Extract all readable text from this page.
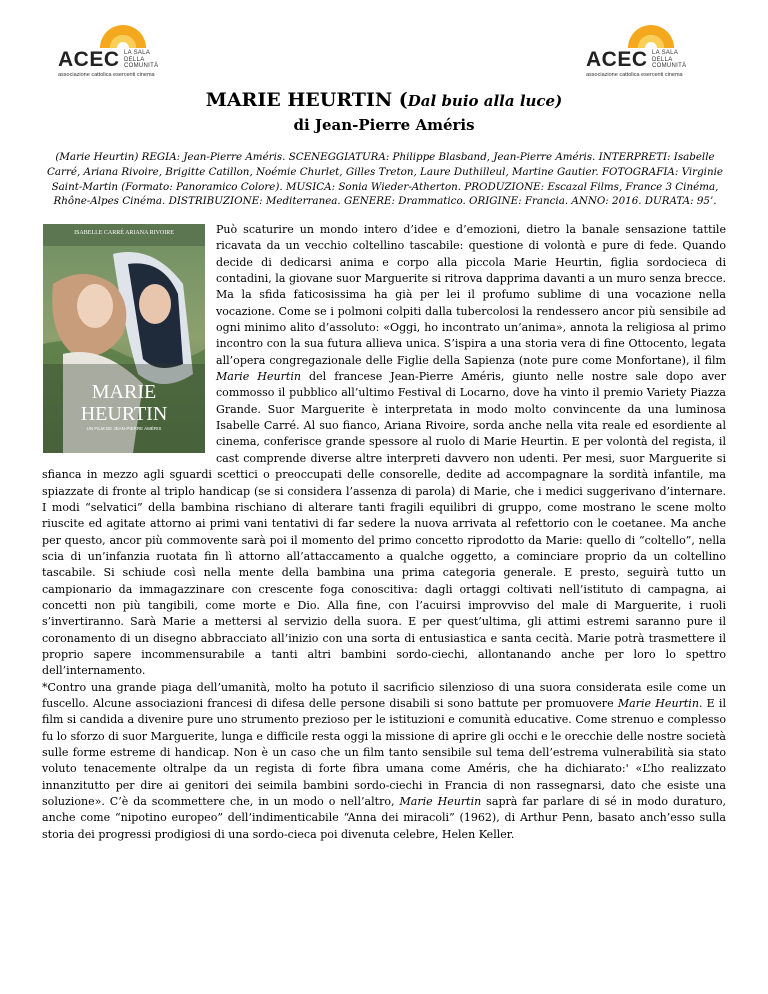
ACEC LA SALA
DELLA
COMUNITÀ
associazione cattolica esercenti cinema
ACEC LA SALA
DELLA
COMUNITÀ
associazione cattolica esercenti cinema
MARIE HEURTIN (Dal buio alla luce)
di Jean-Pierre Améris
(Marie Heurtin) REGIA: Jean-Pierre Améris. SCENEGGIATURA: Philippe Blasband, Jean-Pierre Améris. INTERPRETI: Isabelle Carré, Ariana Rivoire, Brigitte Catillon, Noémie Churlet, Gilles Treton, Laure Duthilleul, Martine Gautier. FOTOGRAFIA: Virginie Saint-Martin (Formato: Panoramico Colore). MUSICA: Sonia Wieder-Atherton. PRODUZIONE: Escazal Films, France 3 Cinéma, Rhône-Alpes Cinéma. DISTRIBUZIONE: Mediterranea. GENERE: Drammatico. ORIGINE: Francia. ANNO: 2016. DURATA: 95’.
ISABELLE CARRÉ ARIANA RIVOIRE
MARIE
HEURTIN
UN FILM DE JEAN-PIERRE AMÉRIS

Può scaturire un mondo intero d’idee e d’emozioni, dietro la banale sensazione tattile ricavata da un vecchio coltellino tascabile: questione di volontà e pure di fede. Quando decide di dedicarsi anima e corpo alla piccola Marie Heurtin, figlia sordocieca di contadini, la giovane suor Marguerite si ritrova dapprima davanti a un muro senza brecce. Ma la sfida faticosissima ha già per lei il profumo sublime di una vocazione nella vocazione. Come se i polmoni colpiti dalla tubercolosi la rendessero ancor più sensibile ad ogni minimo alito d’assoluto: «Oggi, ho incontrato un’anima», annota la religiosa al primo incontro con la sua futura allieva unica. S’ispira a una storia vera di fine Ottocento, legata all’opera congregazionale delle Figlie della Sapienza (note pure come Monfortane), il film Marie Heurtin del francese Jean-Pierre Améris, giunto nelle nostre sale dopo aver commosso il pubblico all’ultimo Festival di Locarno, dove ha vinto il premio Variety Piazza Grande. Suor Marguerite è interpretata in modo molto convincente da una luminosa Isabelle Carré. Al suo fianco, Ariana Rivoire, sorda anche nella vita reale ed esordiente al cinema, conferisce grande spessore al ruolo di Marie Heurtin. E per volontà del regista, il cast comprende diverse altre interpreti davvero non udenti. Per mesi, suor Marguerite si sfianca in mezzo agli sguardi scettici o preoccupati delle consorelle, dedite ad accompagnare la sordità infantile, ma spiazzate di fronte al triplo handicap (se si considera l’assenza di parola) di Marie, che i medici suggerivano d’internare. I modi “selvatici” della bambina rischiano di alterare tanti fragili equilibri di gruppo, come mostrano le scene molto riuscite ed agitate attorno ai primi vani tentativi di far sedere la nuova arrivata al refettorio con le coetanee. Ma anche per questo, ancor più commovente sarà poi il momento del primo concetto riprodotto da Marie: quello di “coltello”, nella scia di un’infanzia ruotata fin lì attorno all’attaccamento a qualche oggetto, a cominciare proprio da un coltellino tascabile. Si schiude così nella mente della bambina una prima categoria generale. E presto, seguirà tutto un campionario da immagazzinare con crescente foga conoscitiva: dagli ortaggi coltivati nell’istituto di campagna, ai concetti non più tangibili, come morte e Dio. Alla fine, con l’acuirsi improvviso del male di Marguerite, i ruoli s’invertiranno. Sarà Marie a mettersi al servizio della suora. E per quest’ultima, gli attimi estremi saranno pure il coronamento di un disegno abbracciato all’inizio con una sorta di entusiastica e santa cecità. Marie potrà trasmettere il proprio sapere incommensurabile a tanti altri bambini sordo-ciechi, allontanando anche per loro lo spettro dell’internamento.

*Contro una grande piaga dell’umanità, molto ha potuto il sacrificio silenzioso di una suora considerata esile come un fuscello. Alcune associazioni francesi di difesa delle persone disabili si sono battute per promuovere Marie Heurtin. E il film si candida a divenire pure uno strumento prezioso per le istituzioni e comunità educative. Come strenuo e complesso fu lo sforzo di suor Marguerite, lunga e difficile resta oggi la missione di aprire gli occhi e le orecchie delle nostre società sulle forme estreme di handicap. Non è un caso che un film tanto sensibile sul tema dell’estrema vulnerabilità sia stato voluto tenacemente oltralpe da un regista di forte fibra umana come Améris, che ha dichiarato:' «L’ho realizzato innanzitutto per dire ai genitori dei seimila bambini sordo-ciechi in Francia di non rassegnarsi, dato che esiste una soluzione». C’è da scommettere che, in un modo o nell’altro, Marie Heurtin saprà far parlare di sé in modo duraturo, anche come “nipotino europeo” dell’indimenticabile “Anna dei miracoli” (1962), di Arthur Penn, basato anch’esso sulla storia dei progressi prodigiosi di una sordo-cieca poi divenuta celebre, Helen Keller.
